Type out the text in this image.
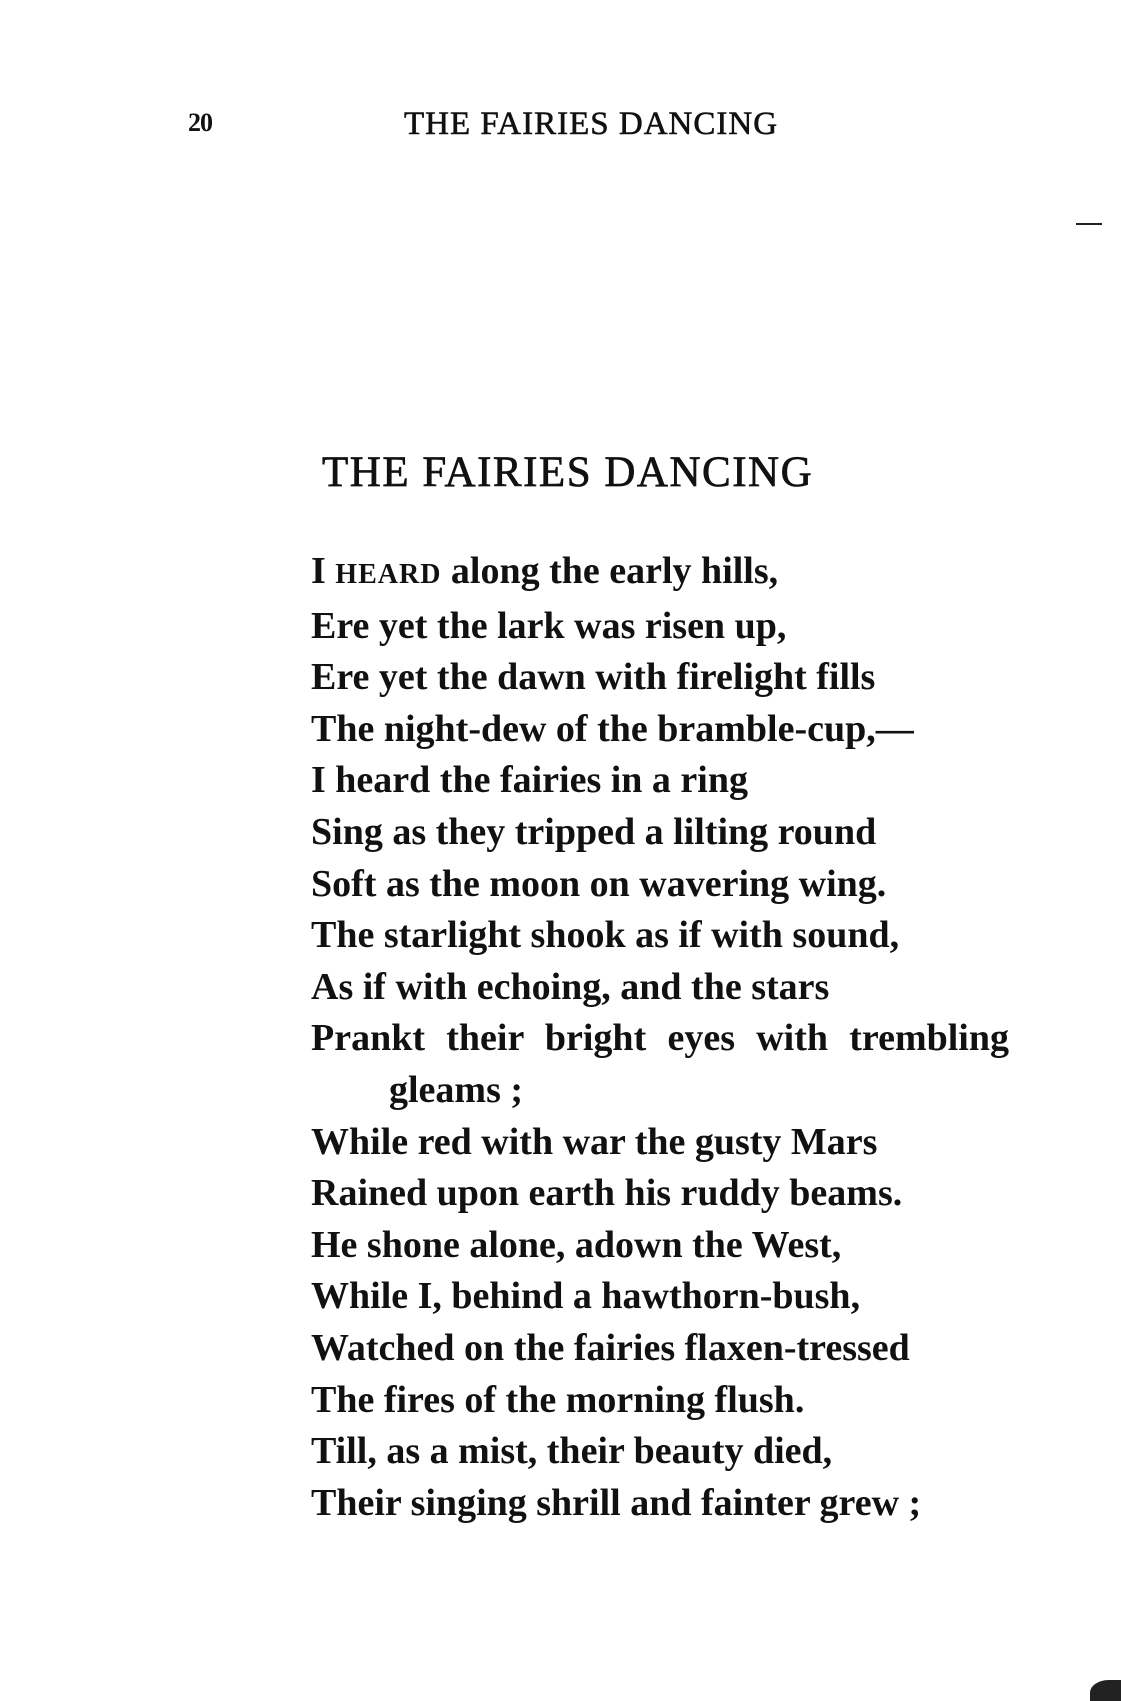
20	THE FAIRIES DANCING
THE FAIRIES DANCING
I HEARD along the early hills,
Ere yet the lark was risen up,
Ere yet the dawn with firelight fills
The night-dew of the bramble-cup,—
I heard the fairies in a ring
Sing as they tripped a lilting round
Soft as the moon on wavering wing.
The starlight shook as if with sound,
As if with echoing, and the stars
Prankt their bright eyes with trembling
gleams ;
While red with war the gusty Mars
Rained upon earth his ruddy beams.
He shone alone, adown the West,
While I, behind a hawthorn-bush,
Watched on the fairies flaxen-tressed
The fires of the morning flush.
Till, as a mist, their beauty died,
Their singing shrill and fainter grew ;
